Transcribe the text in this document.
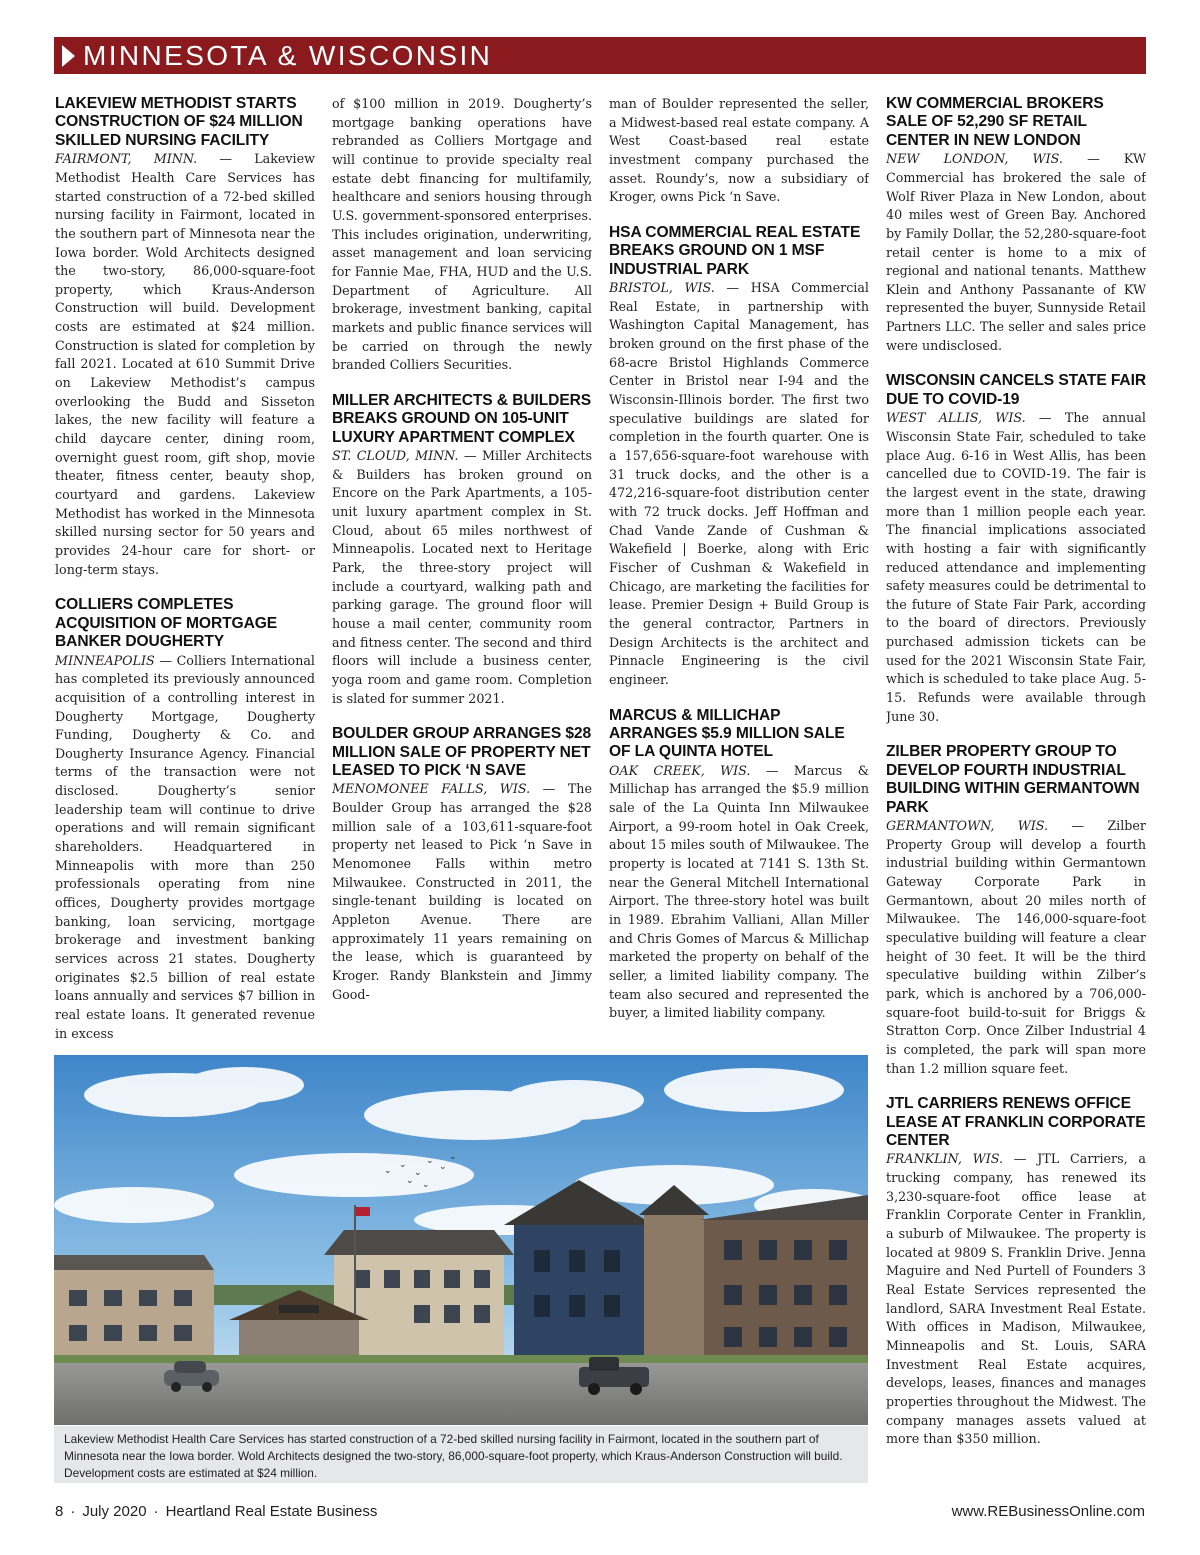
MINNESOTA & WISCONSIN
LAKEVIEW METHODIST STARTS CONSTRUCTION OF $24 MILLION SKILLED NURSING FACILITY

FAIRMONT, MINN. — Lakeview Methodist Health Care Services has started construction of a 72-bed skilled nursing facility in Fairmont, located in the southern part of Minnesota near the Iowa border. Wold Architects designed the two-story, 86,000-square-foot property, which Kraus-Anderson Construction will build. Development costs are estimated at $24 million. Construction is slated for completion by fall 2021. Located at 610 Summit Drive on Lakeview Methodist’s campus overlooking the Budd and Sisseton lakes, the new facility will feature a child daycare center, dining room, overnight guest room, gift shop, movie theater, fitness center, beauty shop, courtyard and gardens. Lakeview Methodist has worked in the Minnesota skilled nursing sector for 50 years and provides 24-hour care for short- or long-term stays.

COLLIERS COMPLETES ACQUISITION OF MORTGAGE BANKER DOUGHERTY

MINNEAPOLIS — Colliers International has completed its previously announced acquisition of a controlling interest in Dougherty Mortgage, Dougherty Funding, Dougherty & Co. and Dougherty Insurance Agency. Financial terms of the transaction were not disclosed. Dougherty’s senior leadership team will continue to drive operations and will remain significant shareholders. Headquartered in Minneapolis with more than 250 professionals operating from nine offices, Dougherty provides mortgage banking, loan servicing, mortgage brokerage and investment banking services across 21 states. Dougherty originates $2.5 billion of real estate loans annually and services $7 billion in real estate loans. It generated revenue in excess

of $100 million in 2019. Dougherty’s mortgage banking operations have rebranded as Colliers Mortgage and will continue to provide specialty real estate debt financing for multifamily, healthcare and seniors housing through U.S. government-sponsored enterprises. This includes origination, underwriting, asset management and loan servicing for Fannie Mae, FHA, HUD and the U.S. Department of Agriculture. All brokerage, investment banking, capital markets and public finance services will be carried on through the newly branded Colliers Securities.

MILLER ARCHITECTS & BUILDERS BREAKS GROUND ON 105-UNIT LUXURY APARTMENT COMPLEX

ST. CLOUD, MINN. — Miller Architects & Builders has broken ground on Encore on the Park Apartments, a 105-unit luxury apartment complex in St. Cloud, about 65 miles northwest of Minneapolis. Located next to Heritage Park, the three-story project will include a courtyard, walking path and parking garage. The ground floor will house a mail center, community room and fitness center. The second and third floors will include a business center, yoga room and game room. Completion is slated for summer 2021.

BOULDER GROUP ARRANGES $28 MILLION SALE OF PROPERTY NET LEASED TO PICK ‘N SAVE

MENOMONEE FALLS, WIS. — The Boulder Group has arranged the $28 million sale of a 103,611-square-foot property net leased to Pick ‘n Save in Menomonee Falls within metro Milwaukee. Constructed in 2011, the single-tenant building is located on Appleton Avenue. There are approximately 11 years remaining on the lease, which is guaranteed by Kroger. Randy Blankstein and Jimmy Good-

man of Boulder represented the seller, a Midwest-based real estate company. A West Coast-based real estate investment company purchased the asset. Roundy’s, now a subsidiary of Kroger, owns Pick ‘n Save.

HSA COMMERCIAL REAL ESTATE BREAKS GROUND ON 1 MSF INDUSTRIAL PARK

BRISTOL, WIS. — HSA Commercial Real Estate, in partnership with Washington Capital Management, has broken ground on the first phase of the 68-acre Bristol Highlands Commerce Center in Bristol near I-94 and the Wisconsin-Illinois border. The first two speculative buildings are slated for completion in the fourth quarter. One is a 157,656-square-foot warehouse with 31 truck docks, and the other is a 472,216-square-foot distribution center with 72 truck docks. Jeff Hoffman and Chad Vande Zande of Cushman & Wakefield | Boerke, along with Eric Fischer of Cushman & Wakefield in Chicago, are marketing the facilities for lease. Premier Design + Build Group is the general contractor, Partners in Design Architects is the architect and Pinnacle Engineering is the civil engineer.

MARCUS & MILLICHAP ARRANGES $5.9 MILLION SALE OF LA QUINTA HOTEL

OAK CREEK, WIS. — Marcus & Millichap has arranged the $5.9 million sale of the La Quinta Inn Milwaukee Airport, a 99-room hotel in Oak Creek, about 15 miles south of Milwaukee. The property is located at 7141 S. 13th St. near the General Mitchell International Airport. The three-story hotel was built in 1989. Ebrahim Valliani, Allan Miller and Chris Gomes of Marcus & Millichap marketed the property on behalf of the seller, a limited liability company. The team also secured and represented the buyer, a limited liability company.

KW COMMERCIAL BROKERS SALE OF 52,290 SF RETAIL CENTER IN NEW LONDON

NEW LONDON, WIS. — KW Commercial has brokered the sale of Wolf River Plaza in New London, about 40 miles west of Green Bay. Anchored by Family Dollar, the 52,280-square-foot retail center is home to a mix of regional and national tenants. Matthew Klein and Anthony Passanante of KW represented the buyer, Sunnyside Retail Partners LLC. The seller and sales price were undisclosed.

WISCONSIN CANCELS STATE FAIR DUE TO COVID-19

WEST ALLIS, WIS. — The annual Wisconsin State Fair, scheduled to take place Aug. 6-16 in West Allis, has been cancelled due to COVID-19. The fair is the largest event in the state, drawing more than 1 million people each year. The financial implications associated with hosting a fair with significantly reduced attendance and implementing safety measures could be detrimental to the future of State Fair Park, according to the board of directors. Previously purchased admission tickets can be used for the 2021 Wisconsin State Fair, which is scheduled to take place Aug. 5-15. Refunds were available through June 30.

ZILBER PROPERTY GROUP TO DEVELOP FOURTH INDUSTRIAL BUILDING WITHIN GERMANTOWN PARK

GERMANTOWN, WIS. — Zilber Property Group will develop a fourth industrial building within Germantown Gateway Corporate Park in Germantown, about 20 miles north of Milwaukee. The 146,000-square-foot speculative building will feature a clear height of 30 feet. It will be the third speculative building within Zilber’s park, which is anchored by a 706,000-square-foot build-to-suit for Briggs & Stratton Corp. Once Zilber Industrial 4 is completed, the park will span more than 1.2 million square feet.

JTL CARRIERS RENEWS OFFICE LEASE AT FRANKLIN CORPORATE CENTER

FRANKLIN, WIS. — JTL Carriers, a trucking company, has renewed its 3,230-square-foot office lease at Franklin Corporate Center in Franklin, a suburb of Milwaukee. The property is located at 9809 S. Franklin Drive. Jenna Maguire and Ned Purtell of Founders 3 Real Estate Services represented the landlord, SARA Investment Real Estate. With offices in Madison, Milwaukee, Minneapolis and St. Louis, SARA Investment Real Estate acquires, develops, leases, finances and manages properties throughout the Midwest. The company manages assets valued at more than $350 million.

⌄
⌄
⌄
⌄
⌄
⌄
⌄ ⌄
Lakeview Methodist Health Care Services has started construction of a 72-bed skilled nursing facility in Fairmont, located in the southern part of Minnesota near the Iowa border. Wold Architects designed the two-story, 86,000-square-foot property, which Kraus-Anderson Construction will build. Development costs are estimated at $24 million.
8 · July 2020 · Heartland Real Estate Business	www.REBusinessOnline.com
